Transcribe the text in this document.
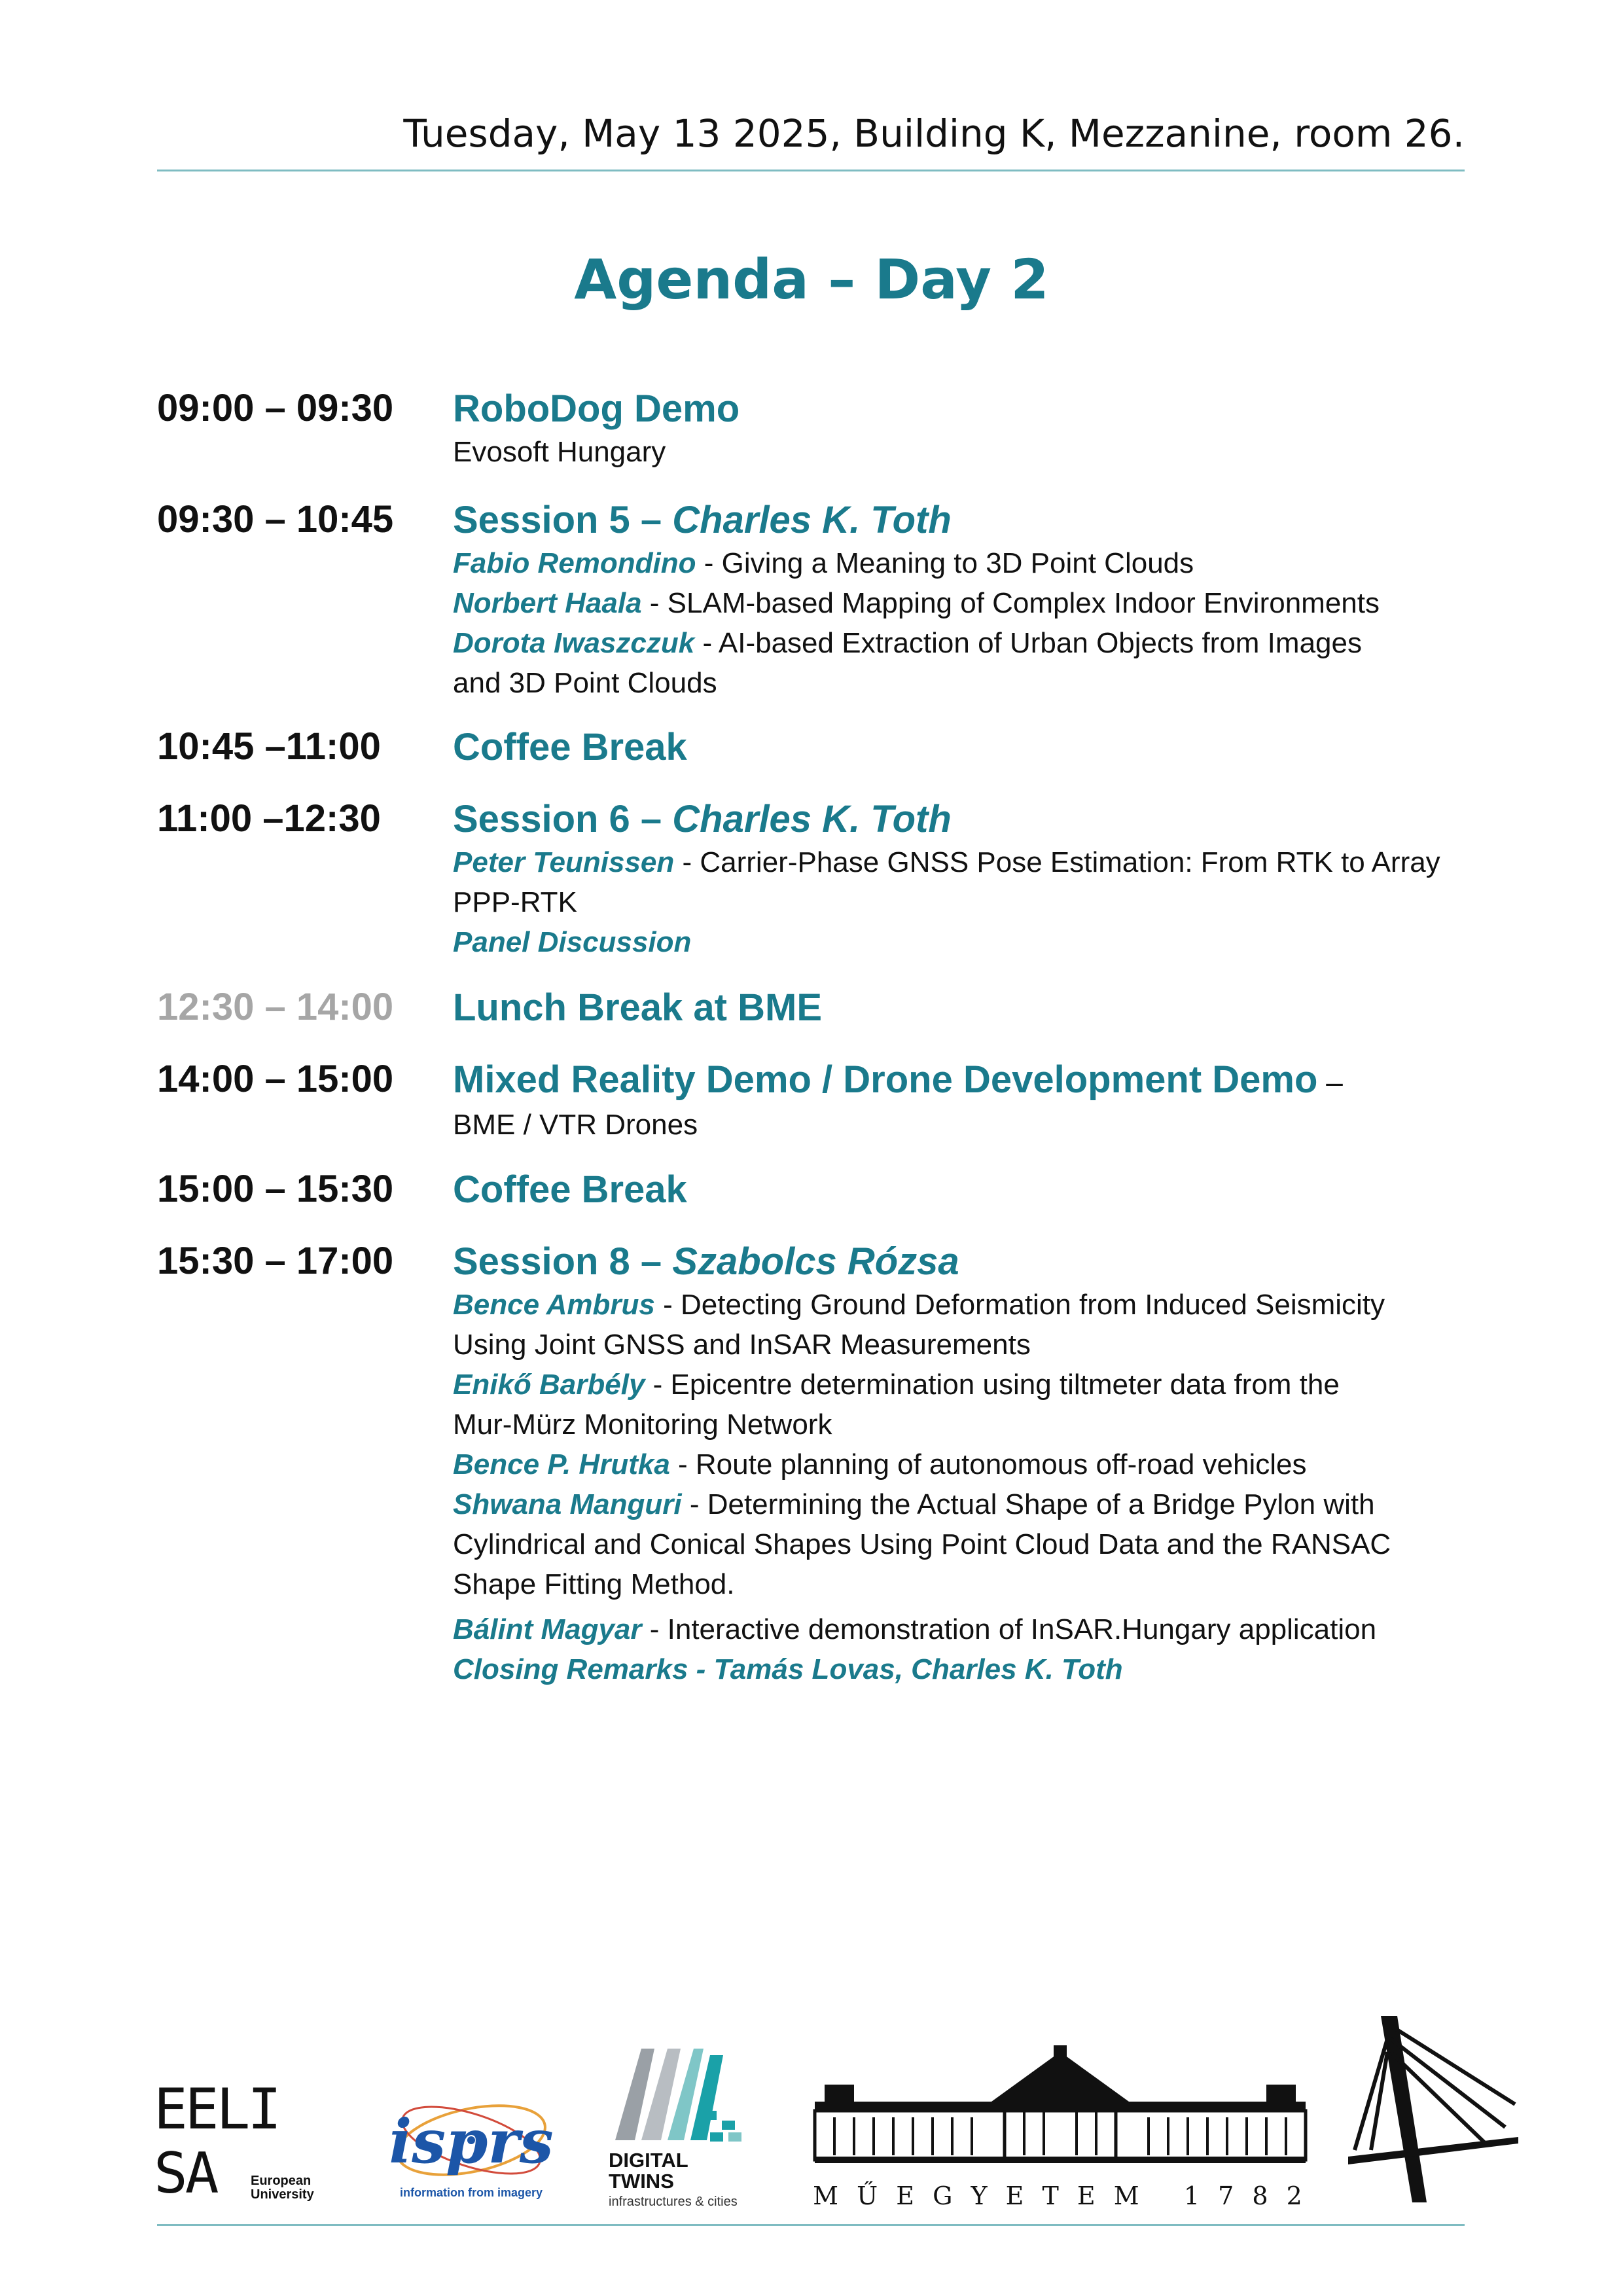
Tuesday, May 13 2025, Building K, Mezzanine, room 26.
Agenda – Day 2
09:00 – 09:30 RoboDog Demo
Evosoft Hungary
09:30 – 10:45 Session 5 – Charles K. Toth
Fabio Remondino - Giving a Meaning to 3D Point Clouds
Norbert Haala - SLAM-based Mapping of Complex Indoor Environments
Dorota Iwaszczuk - AI-based Extraction of Urban Objects from Images
and 3D Point Clouds
10:45 –11:00 Coffee Break
11:00 –12:30 Session 6 – Charles K. Toth
Peter Teunissen - Carrier-Phase GNSS Pose Estimation: From RTK to Array
PPP-RTK
Panel Discussion
12:30 – 14:00 Lunch Break at BME
14:00 – 15:00 Mixed Reality Demo / Drone Development Demo –
BME / VTR Drones
15:00 – 15:30 Coffee Break
15:30 – 17:00 Session 8 – Szabolcs Rózsa
Bence Ambrus - Detecting Ground Deformation from Induced Seismicity
Using Joint GNSS and InSAR Measurements
Enikő Barbély - Epicentre determination using tiltmeter data from the
Mur-Mürz Monitoring Network
Bence P. Hrutka - Route planning of autonomous off-road vehicles
Shwana Manguri - Determining the Actual Shape of a Bridge Pylon with
Cylindrical and Conical Shapes Using Point Cloud Data and the RANSAC
Shape Fitting Method.
Bálint Magyar - Interactive demonstration of InSAR.Hungary application
Closing Remarks - Tamás Lovas, Charles K. Toth
EELI
SA	European
University
isprs
information from imagery
DIGITAL
TWINS
infrastructures & cities	M Ű E G Y E T E M   1 7 8 2
